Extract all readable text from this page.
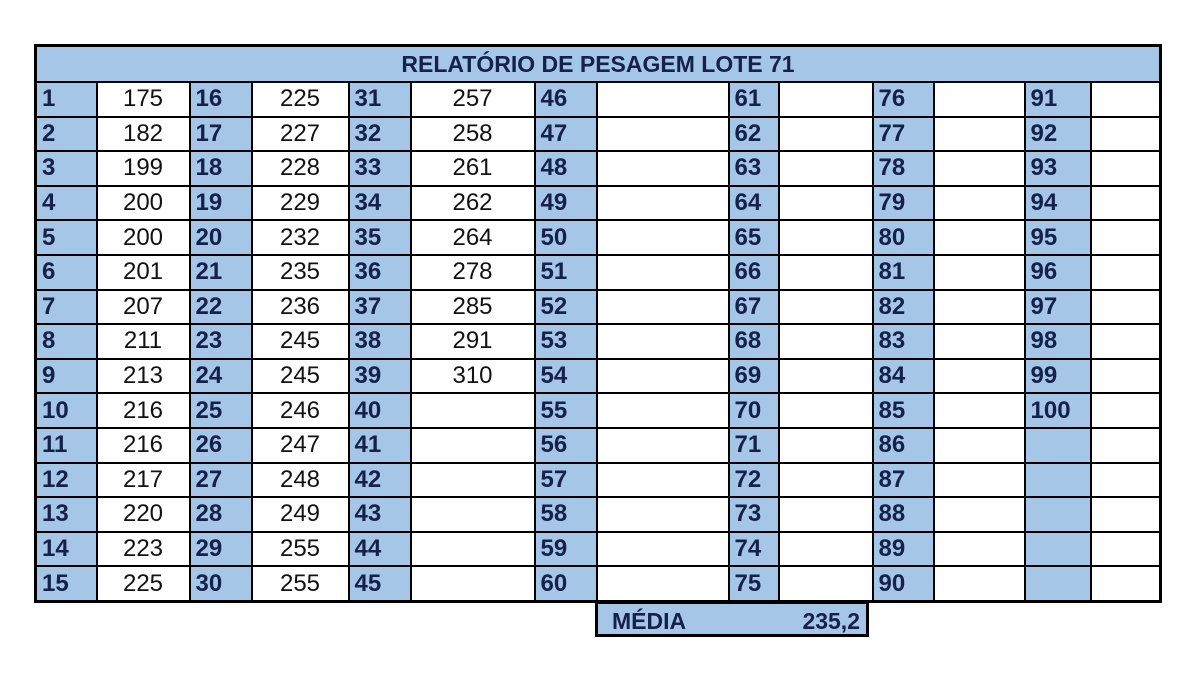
RELATÓRIO DE PESAGEM LOTE 71													
1	175	16	225	31	257	46		61		76		91	
2	182	17	227	32	258	47		62		77		92	
3	199	18	228	33	261	48		63		78		93	
4	200	19	229	34	262	49		64		79		94	
5	200	20	232	35	264	50		65		80		95	
6	201	21	235	36	278	51		66		81		96	
7	207	22	236	37	285	52		67		82		97	
8	211	23	245	38	291	53		68		83		98	
9	213	24	245	39	310	54		69		84		99	
10	216	25	246	40		55		70		85		100	
11	216	26	247	41		56		71		86			
12	217	27	248	42		57		72		87			
13	220	28	249	43		58		73		88			
14	223	29	255	44		59		74		89			
15	225	30	255	45		60		75		90			
MÉDIA	235,2
